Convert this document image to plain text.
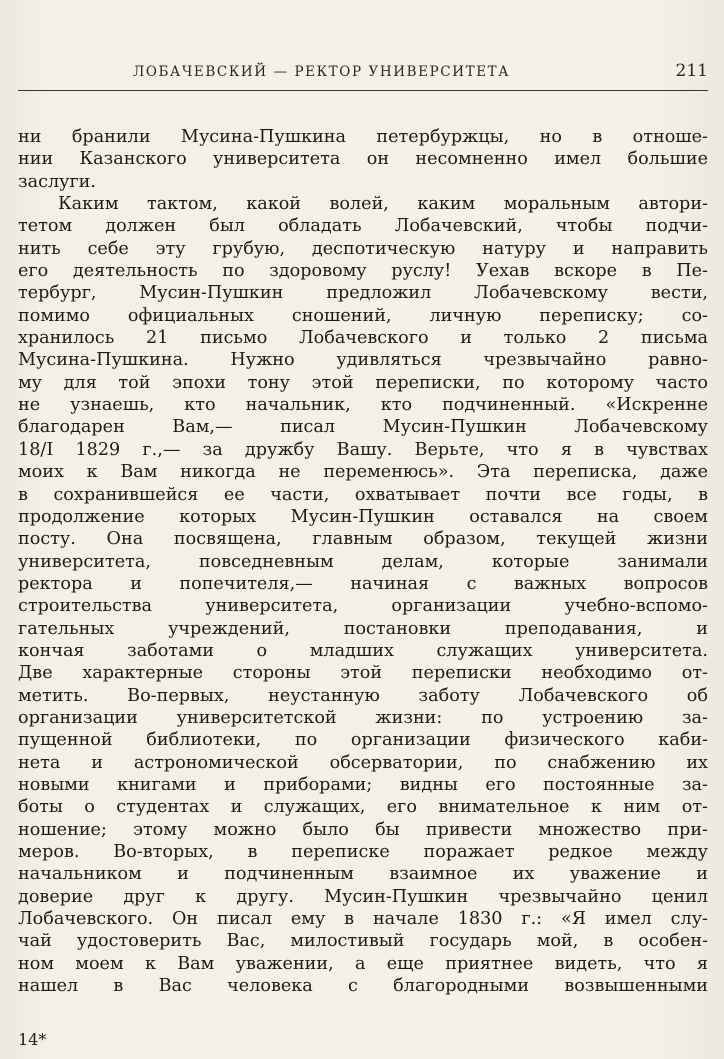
ЛОБАЧЕВСКИЙ — РЕКТОР УНИВЕРСИТЕТА	211
ни бранили Мусина-Пушкина петербуржцы, но в отноше-
нии Казанского университета он несомненно имел большие
заслуги.
Каким тактом, какой волей, каким моральным автори-
тетом должен был обладать Лобачевский, чтобы подчи-
нить себе эту грубую, деспотическую натуру и направить
его деятельность по здоровому руслу! Уехав вскоре в Пе-
тербург, Мусин-Пушкин предложил Лобачевскому вести,
помимо официальных сношений, личную переписку; со-
хранилось 21 письмо Лобачевского и только 2 письма
Мусина-Пушкина. Нужно удивляться чрезвычайно равно-
му для той эпохи тону этой переписки, по которому часто
не узнаешь, кто начальник, кто подчиненный. «Искренне
благодарен Вам,— писал Мусин-Пушкин Лобачевскому
18/I 1829 г.,— за дружбу Вашу. Верьте, что я в чувствах
моих к Вам никогда не переменюсь». Эта переписка, даже
в сохранившейся ее части, охватывает почти все годы, в
продолжение которых Мусин-Пушкин оставался на своем
посту. Она посвящена, главным образом, текущей жизни
университета, повседневным делам, которые занимали
ректора и попечителя,— начиная с важных вопросов
строительства университета, организации учебно-вспомо-
гательных учреждений, постановки преподавания, и
кончая заботами о младших служащих университета.
Две характерные стороны этой переписки необходимо от-
метить. Во-первых, неустанную заботу Лобачевского об
организации университетской жизни: по устроению за-
пущенной библиотеки, по организации физического каби-
нета и астрономической обсерватории, по снабжению их
новыми книгами и приборами; видны его постоянные за-
боты о студентах и служащих, его внимательное к ним от-
ношение; этому можно было бы привести множество при-
меров. Во-вторых, в переписке поражает редкое между
начальником и подчиненным взаимное их уважение и
доверие друг к другу. Мусин-Пушкин чрезвычайно ценил
Лобачевского. Он писал ему в начале 1830 г.: «Я имел слу-
чай удостоверить Вас, милостивый государь мой, в особен-
ном моем к Вам уважении, а еще приятнее видеть, что я
нашел в Вас человека с благородными возвышенными
14*
